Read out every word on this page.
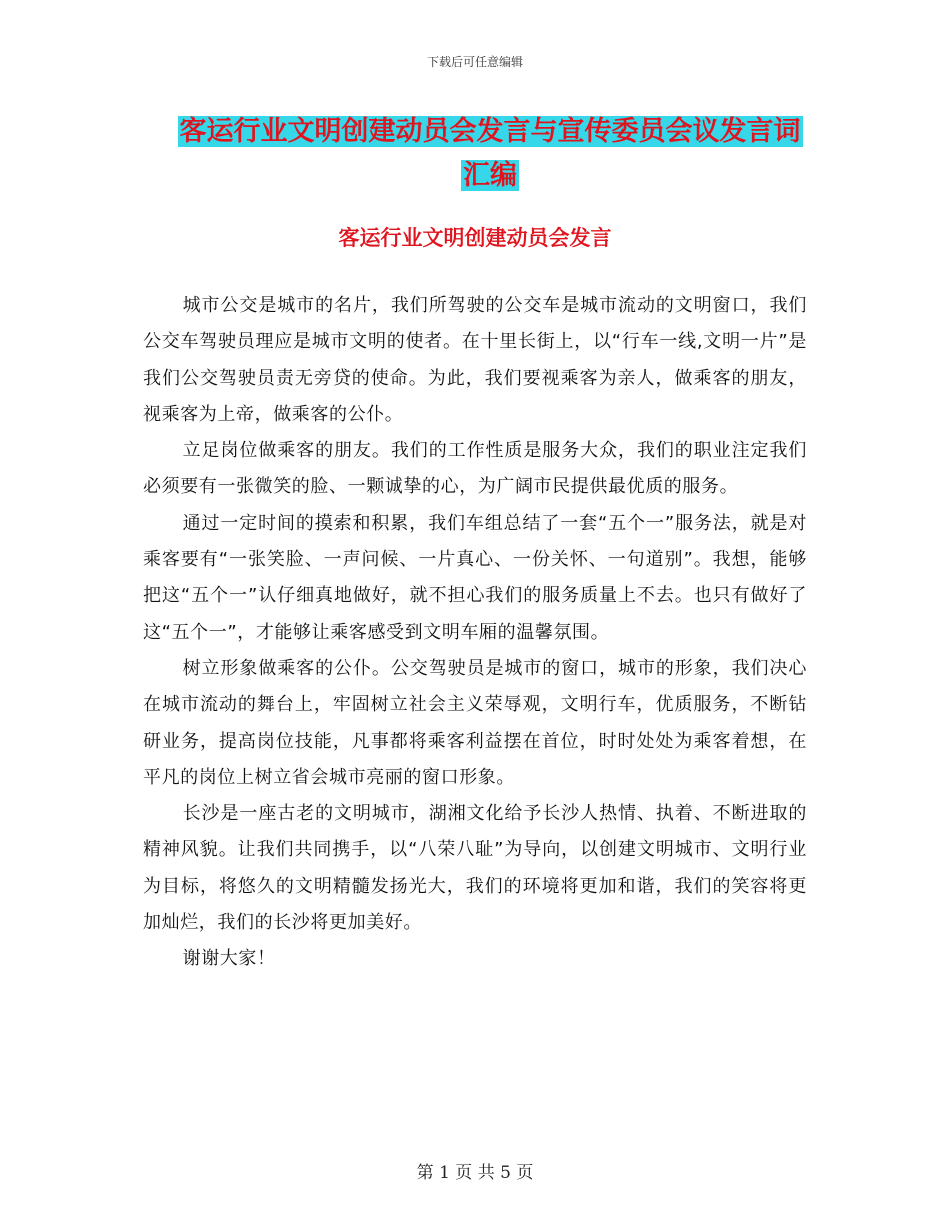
下载后可任意编辑
客运行业文明创建动员会发言与宣传委员会议发言词
汇编
客运行业文明创建动员会发言

城市公交是城市的名片，我们所驾驶的公交车是城市流动的文明窗口，我们公交车驾驶员理应是城市文明的使者。在十里长街上，以“行车一线,文明一片”是我们公交驾驶员责无旁贷的使命。为此，我们要视乘客为亲人，做乘客的朋友，视乘客为上帝，做乘客的公仆。

立足岗位做乘客的朋友。我们的工作性质是服务大众，我们的职业注定我们必须要有一张微笑的脸、一颗诚挚的心，为广阔市民提供最优质的服务。

通过一定时间的摸索和积累，我们车组总结了一套“五个一”服务法，就是对乘客要有“一张笑脸、一声问候、一片真心、一份关怀、一句道别”。我想，能够把这“五个一”认仔细真地做好，就不担心我们的服务质量上不去。也只有做好了这“五个一”，才能够让乘客感受到文明车厢的温馨氛围。

树立形象做乘客的公仆。公交驾驶员是城市的窗口，城市的形象，我们决心在城市流动的舞台上，牢固树立社会主义荣辱观，文明行车，优质服务，不断钻研业务，提高岗位技能，凡事都将乘客利益摆在首位，时时处处为乘客着想，在平凡的岗位上树立省会城市亮丽的窗口形象。

长沙是一座古老的文明城市，湖湘文化给予长沙人热情、执着、不断进取的精神风貌。让我们共同携手，以“八荣八耻”为导向，以创建文明城市、文明行业为目标，将悠久的文明精髓发扬光大，我们的环境将更加和谐，我们的笑容将更加灿烂，我们的长沙将更加美好。

谢谢大家！

第 1 页 共 5 页
